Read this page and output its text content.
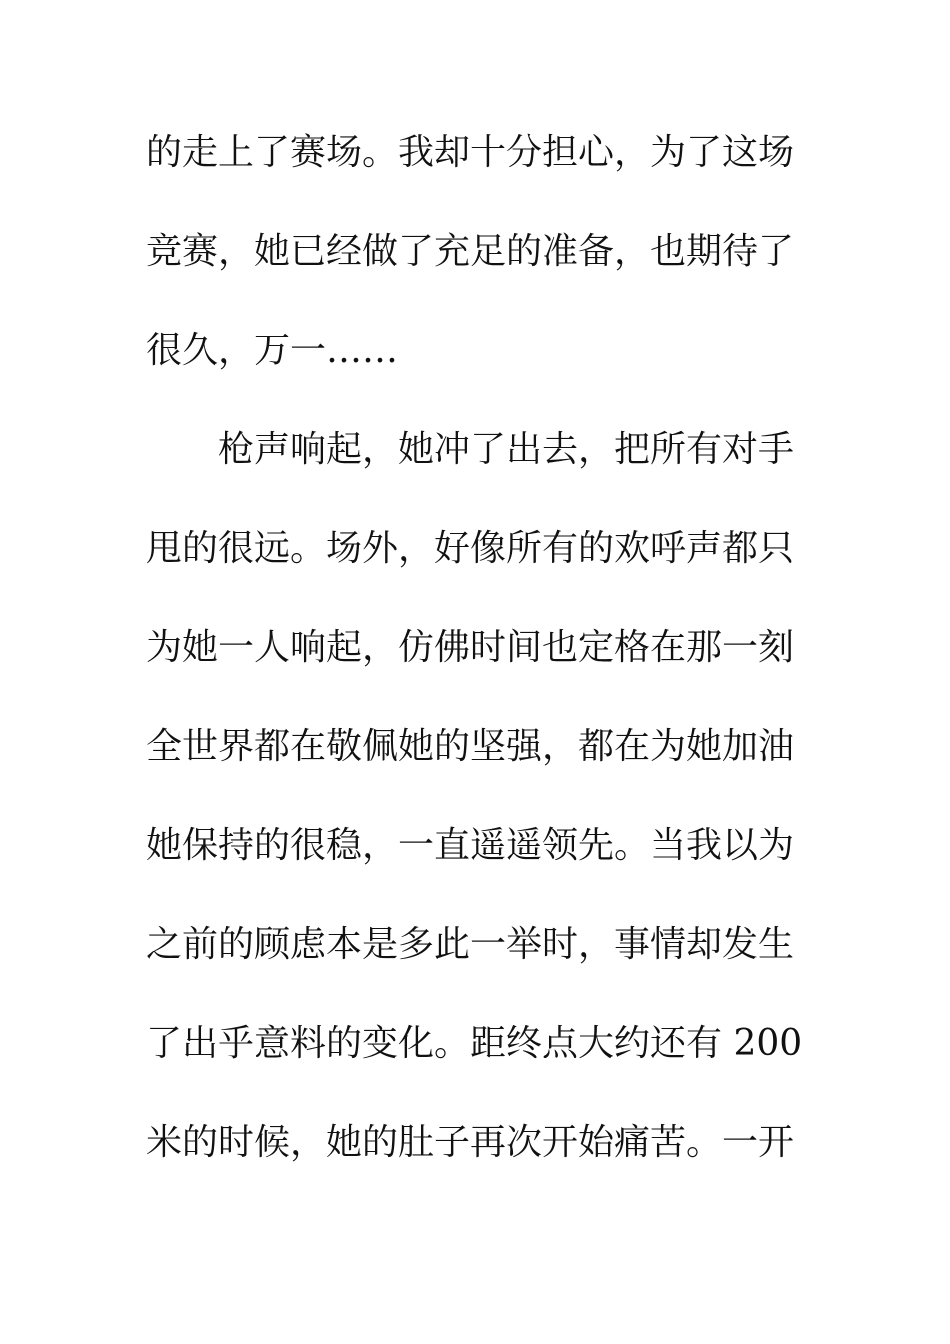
的走上了赛场。我却十分担心，为了这场

竞赛，她已经做了充足的准备，也期待了

很久，万一……

枪声响起，她冲了出去，把所有对手

甩的很远。场外，好像所有的欢呼声都只

为她一人响起，仿佛时间也定格在那一刻

全世界都在敬佩她的坚强，都在为她加油

她保持的很稳，一直遥遥领先。当我以为

之前的顾虑本是多此一举时，事情却发生

了出乎意料的变化。距终点大约还有 200

米的时候，她的肚子再次开始痛苦。一开
